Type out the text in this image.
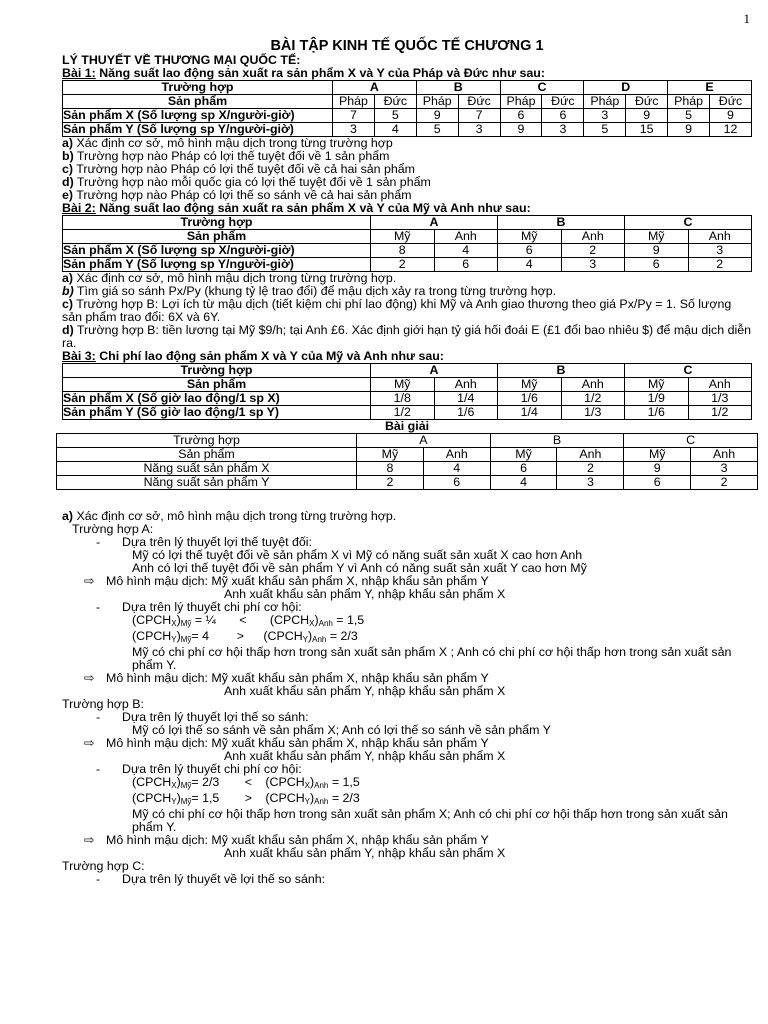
1
BÀI TẬP KINH TẾ QUỐC TẾ CHƯƠNG 1
LÝ THUYẾT VỀ THƯƠNG MẠI QUỐC TẾ:
Bài 1: Năng suất lao động sản xuất ra sản phẩm X và Y của Pháp và Đức như sau:
Trường hợp	A		B		C		D		E	
Sản phẩm	Pháp	Đức	Pháp	Đức	Pháp	Đức	Pháp	Đức	Pháp	Đức
Sản phẩm X (Số lượng sp X/người-giờ)	7	5	9	7	6	6	3	9	5	9
Sản phẩm Y (Số lượng sp Y/người-giờ)	3	4	5	3	9	3	5	15	9	12
a) Xác định cơ sở, mô hình mậu dịch trong từng trường hợp
b) Trường hợp nào Pháp có lợi thế tuyệt đối về 1 sản phẩm
c) Trường hợp nào Pháp có lợi thế tuyệt đối về cả hai sản phẩm
d) Trường hợp nào mỗi quốc gia có lợi thế tuyệt đối về 1 sản phẩm
e) Trường hợp nào Pháp có lợi thế so sánh về cả hai sản phẩm
Bài 2: Năng suất lao động sản xuất ra sản phẩm X và Y của Mỹ và Anh như sau:
Trường hợp	A		B		C	
Sản phẩm	Mỹ	Anh	Mỹ	Anh	Mỹ	Anh
Sản phẩm X (Số lượng sp X/người-giờ)	8	4	6	2	9	3
Sản phẩm Y (Số lượng sp Y/người-giờ)	2	6	4	3	6	2
a) Xác định cơ sở, mô hình mậu dịch trong từng trường hợp.
b) Tìm giá so sánh Px/Py (khung tỷ lệ trao đổi) để mậu dịch xảy ra trong từng trường hợp.
c) Trường hợp B: Lợi ích từ mậu dịch (tiết kiệm chi phí lao động) khi Mỹ và Anh giao thương theo giá Px/Py = 1. Số lượng sản phẩm trao đổi: 6X và 6Y.
d) Trường hợp B: tiền lương tại Mỹ $9/h; tại Anh £6. Xác định giới hạn tỷ giá hối đoái E (£1 đổi bao nhiêu $) để mậu dịch diễn ra.
Bài 3: Chi phí lao động sản phẩm X và Y của Mỹ và Anh như sau:
Trường hợp	A		B		C	
Sản phẩm	Mỹ	Anh	Mỹ	Anh	Mỹ	Anh
Sản phẩm X (Số giờ lao động/1 sp X)	1/8	1/4	1/6	1/2	1/9	1/3
Sản phẩm Y (Số giờ lao động/1 sp Y)	1/2	1/6	1/4	1/3	1/6	1/2
Bài giải
Trường hợp	A		B		C	
Sản phẩm	Mỹ	Anh	Mỹ	Anh	Mỹ	Anh
Năng suất sản phẩm X	8	4	6	2	9	3
Năng suất sản phẩm Y	2	6	4	3	6	2
a) Xác định cơ sở, mô hình mậu dịch trong từng trường hợp.
Trường hợp A:
- Dựa trên lý thuyết lợi thế tuyệt đối:
Mỹ có lợi thế tuyệt đối về sản phẩm X vì Mỹ có năng suất sản xuất X cao hơn Anh
Anh có lợi thế tuyệt đối về sản phẩm Y vì Anh có năng suất sản xuất Y cao hơn Mỹ
⇨ Mô hình mậu dịch: Mỹ xuất khẩu sản phẩm X, nhập khẩu sản phẩm Y
Anh xuất khẩu sản phẩm Y, nhập khẩu sản phẩm X
- Dựa trên lý thuyết chi phí cơ hội:
$(CPCH_X)_{Mỹ}$ = ¼ < $(CPCH_X)_{Anh} = 1,5$
$(CPCH_Y)_{Mỹ}= 4$ > $(CPCH_Y)_{Anh} = 2/3$
Mỹ có chi phí cơ hội thấp hơn trong sản xuất sản phẩm X ; Anh có chi phí cơ hội thấp hơn trong sản xuất sản phẩm Y.
⇨ Mô hình mậu dịch: Mỹ xuất khẩu sản phẩm X, nhập khẩu sản phẩm Y
Anh xuất khẩu sản phẩm Y, nhập khẩu sản phẩm X
Trường hợp B:
- Dựa trên lý thuyết lợi thế so sánh:
Mỹ có lợi thế so sánh về sản phẩm X; Anh có lợi thế so sánh về sản phẩm Y
⇨ Mô hình mậu dịch: Mỹ xuất khẩu sản phẩm X, nhập khẩu sản phẩm Y
Anh xuất khẩu sản phẩm Y, nhập khẩu sản phẩm X
- Dựa trên lý thuyết chi phí cơ hội:
$(CPCH_X)_{Mỹ}= 2/3$ < $(CPCH_X)_{Anh} = 1,5$
$(CPCH_Y)_{Mỹ}= 1,5$ > $(CPCH_Y)_{Anh} = 2/3$
Mỹ có chi phí cơ hội thấp hơn trong sản xuất sản phẩm X; Anh có chi phí cơ hội thấp hơn trong sản xuất sản phẩm Y.
⇨ Mô hình mậu dịch: Mỹ xuất khẩu sản phẩm X, nhập khẩu sản phẩm Y
Anh xuất khẩu sản phẩm Y, nhập khẩu sản phẩm X
Trường hợp C:
- Dựa trên lý thuyết về lợi thế so sánh:
